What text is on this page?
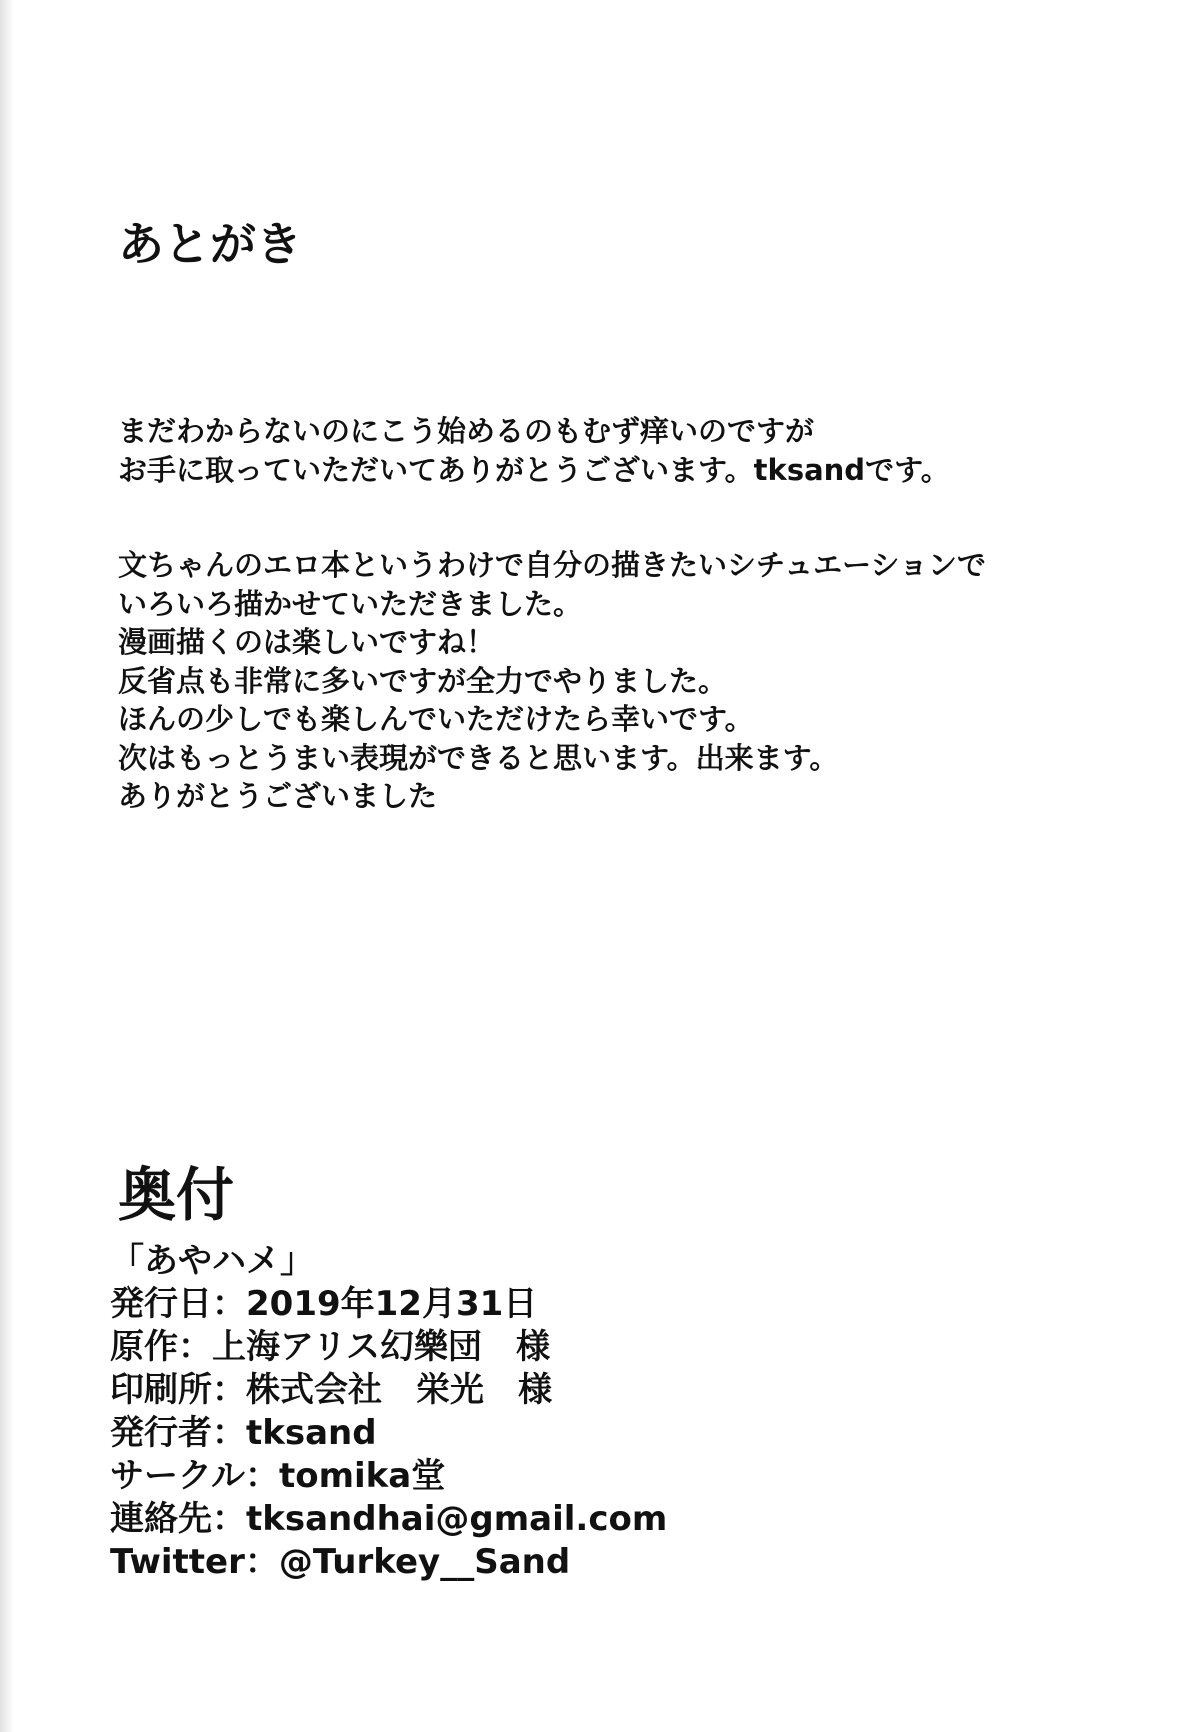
あとがき
まだわからないのにこう始めるのもむず痒いのですが
お手に取っていただいてありがとうございます。tksandです。
文ちゃんのエロ本というわけで自分の描きたいシチュエーションで
いろいろ描かせていただきました。
漫画描くのは楽しいですね！
反省点も非常に多いですが全力でやりました。
ほんの少しでも楽しんでいただけたら幸いです。
次はもっとうまい表現ができると思います。出来ます。
ありがとうございました
奥付
「あやハメ」
発行日：2019年12月31日
原作：上海アリス幻樂団　様
印刷所：株式会社　栄光　様
発行者：tksand
サークル：tomika堂
連絡先：tksandhai@gmail.com
Twitter：@Turkey__Sand
